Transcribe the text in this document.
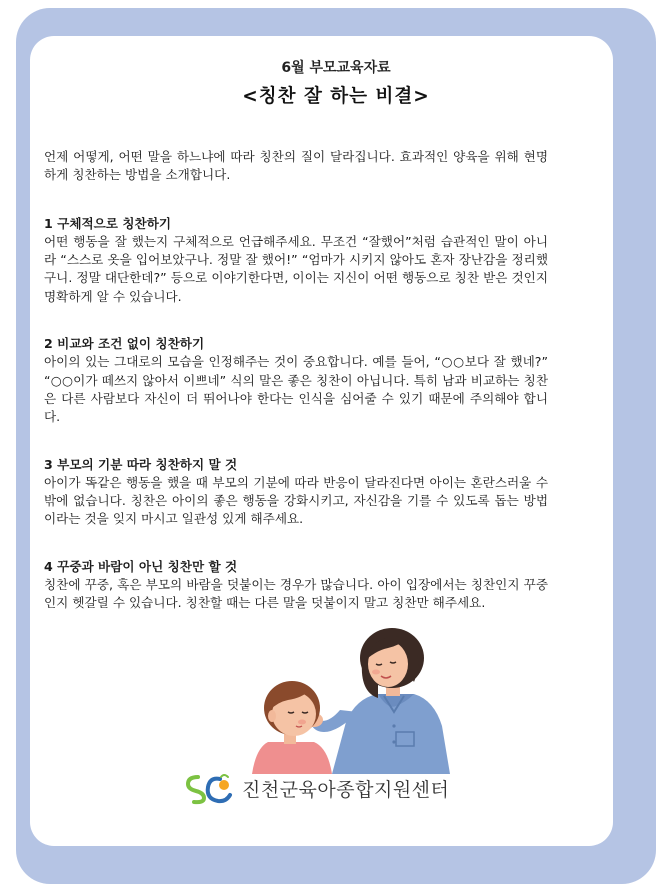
6월 부모교육자료
<칭찬 잘 하는 비결>

언제 어떻게, 어떤 말을 하느냐에 따라 칭찬의 질이 달라집니다. 효과적인 양육을 위해 현명하게 칭찬하는 방법을 소개합니다.

1 구체적으로 칭찬하기

어떤 행동을 잘 했는지 구체적으로 언급해주세요. 무조건 “잘했어”처럼 습관적인 말이 아니라 “스스로 옷을 입어보았구나. 정말 잘 했어!” “엄마가 시키지 않아도 혼자 장난감을 정리했구니. 정말 대단한데?” 등으로 이야기한다면, 이이는 지신이 어떤 행동으로 칭찬 받은 것인지 명확하게 알 수 있습니다.

2 비교와 조건 없이 칭찬하기

아이의 있는 그대로의 모습을 인정해주는 것이 중요합니다. 예를 들어, “○○보다 잘 했네?” “○○이가 떼쓰지 않아서 이쁘네” 식의 말은 좋은 칭찬이 아닙니다. 특히 남과 비교하는 칭찬은 다른 사람보다 자신이 더 뛰어나야 한다는 인식을 심어줄 수 있기 때문에 주의해야 합니다.

3 부모의 기분 따라 칭찬하지 말 것

아이가 똑같은 행동을 했을 때 부모의 기분에 따라 반응이 달라진다면 아이는 혼란스러울 수밖에 없습니다. 칭찬은 아이의 좋은 행동을 강화시키고, 자신감을 기를 수 있도록 돕는 방법이라는 것을 잊지 마시고 일관성 있게 해주세요.

4 꾸중과 바람이 아닌 칭찬만 할 것

칭찬에 꾸중, 혹은 부모의 바람을 덧붙이는 경우가 많습니다. 아이 입장에서는 칭찬인지 꾸중인지 헷갈릴 수 있습니다. 칭찬할 때는 다른 말을 덧붙이지 말고 칭찬만 해주세요.

진천군육아종합지원센터
